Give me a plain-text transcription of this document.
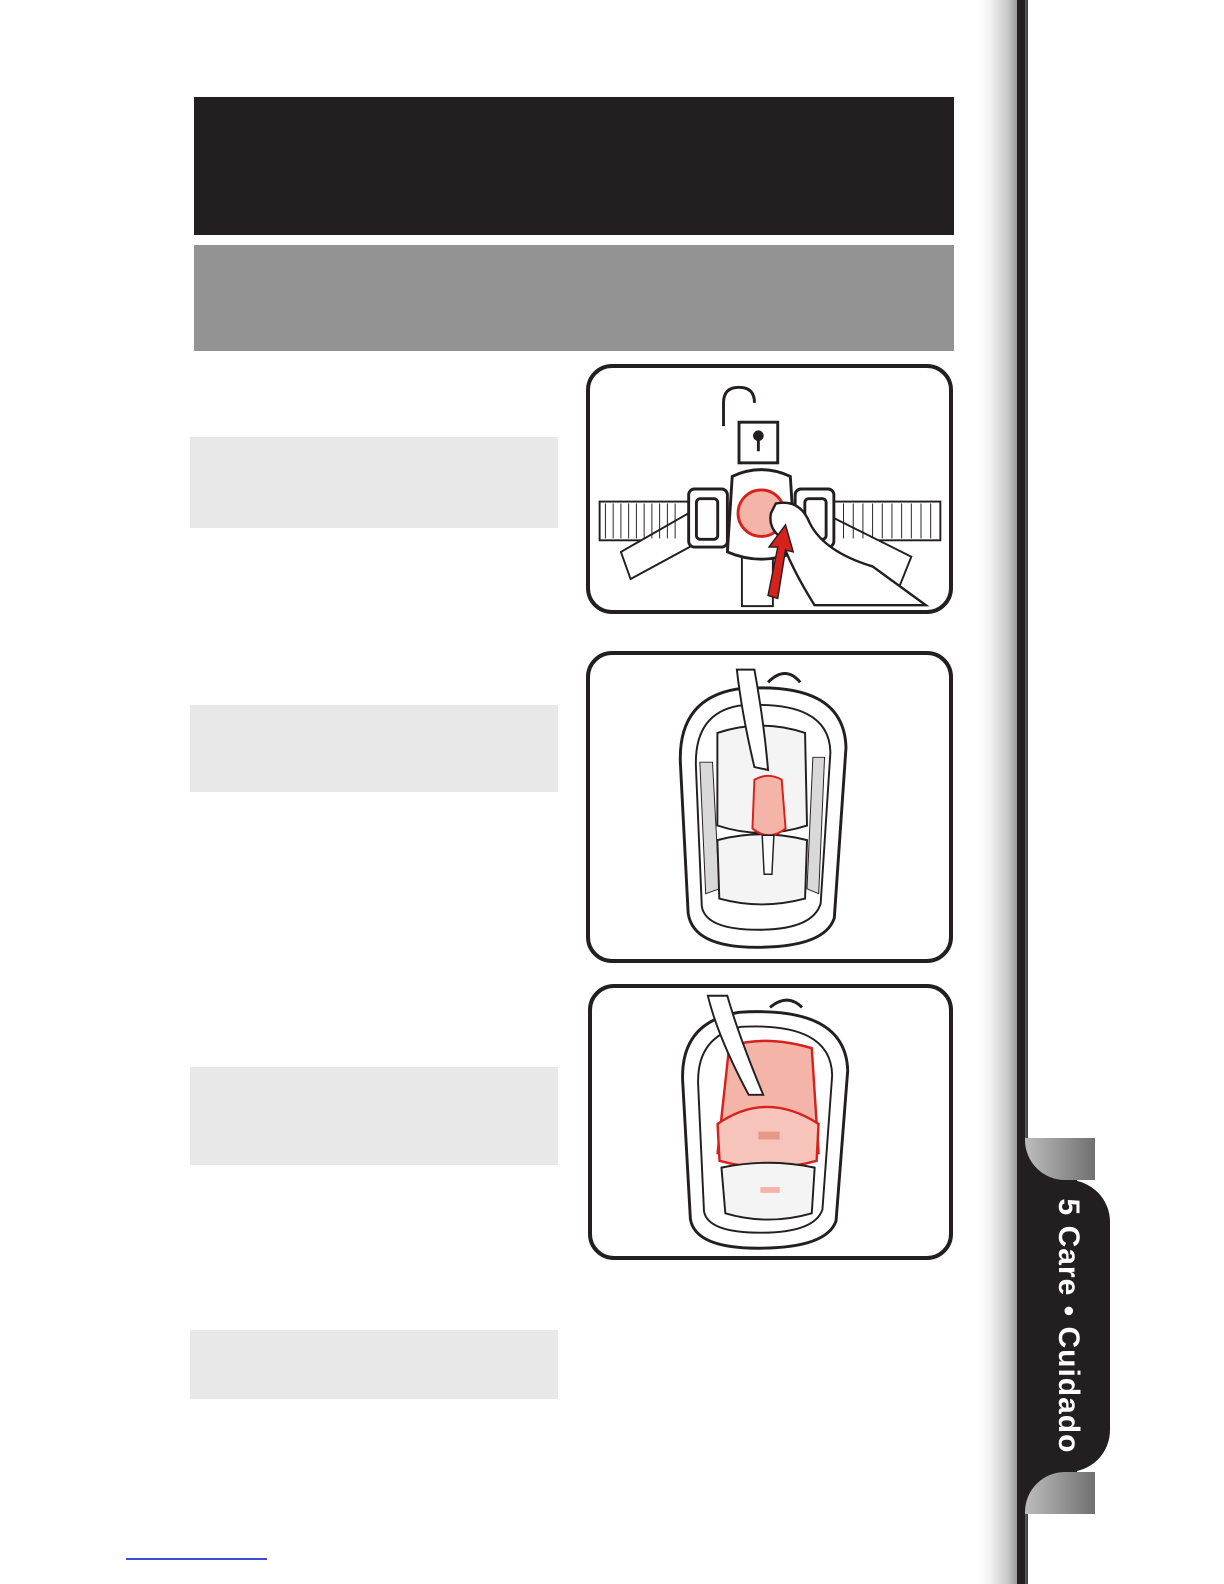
5 Care • Cuidado
